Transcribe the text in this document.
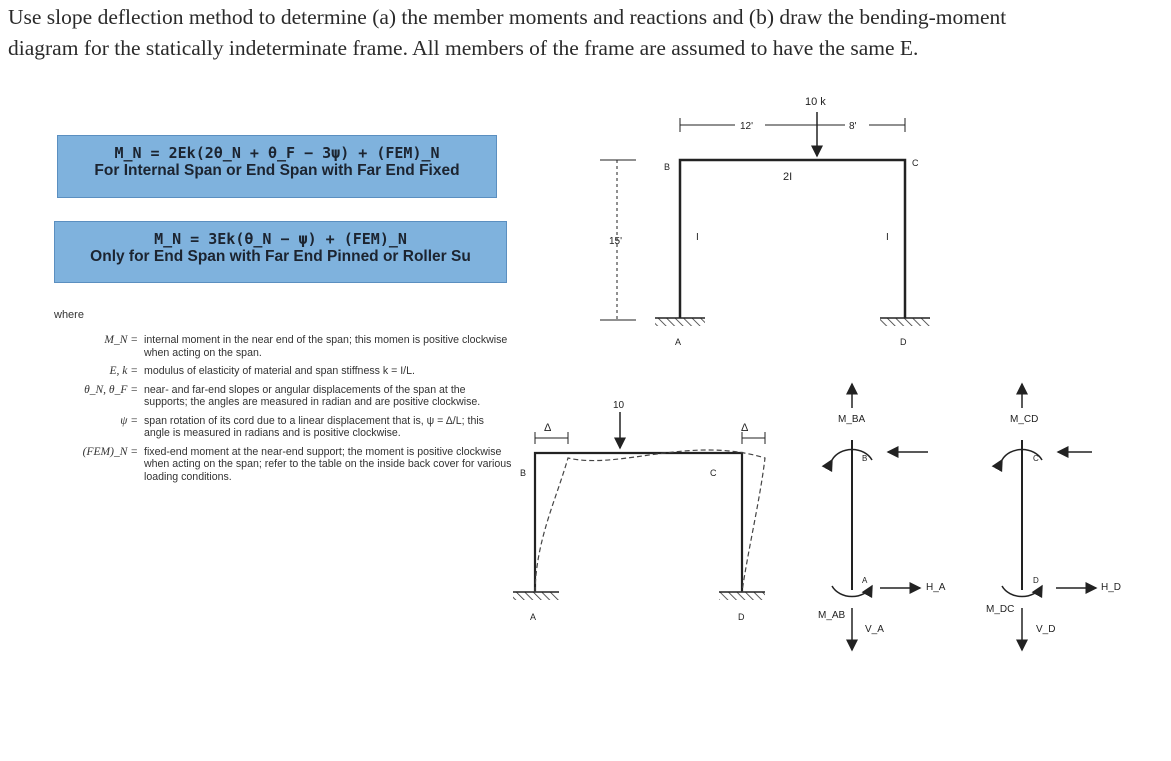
Use slope deflection method to determine (a) the member moments and reactions and (b) draw the bending-moment diagram for the statically indeterminate frame. All members of the frame are assumed to have the same E.
M_N = 2Ek(2θ_N + θ_F − 3ψ) + (FEM)_N
For Internal Span or End Span with Far End Fixed
M_N = 3Ek(θ_N − ψ) + (FEM)_N
Only for End Span with Far End Pinned or Roller Su
where
M_N = internal moment in the near end of the span; this momen is positive clockwise when acting on the span.
E, k = modulus of elasticity of material and span stiffness k = I/L.
θ_N, θ_F = near- and far-end slopes or angular displacements of the span at the supports; the angles are measured in radian and are positive clockwise.
ψ = span rotation of its cord due to a linear displacement that is, ψ = Δ/L; this angle is measured in radians and is positive clockwise.
(FEM)_N = fixed-end moment at the near-end support; the moment is positive clockwise when acting on the span; refer to the table on the inside back cover for various loading conditions.
10 k
12'	8'
2I
15'	I	I
B	C
A	D
10
Δ	Δ
B	C
A	D
M_BA
B
A
H_A
M_AB
V_A
M_CD
C
D
H_D
M_DC
V_D
